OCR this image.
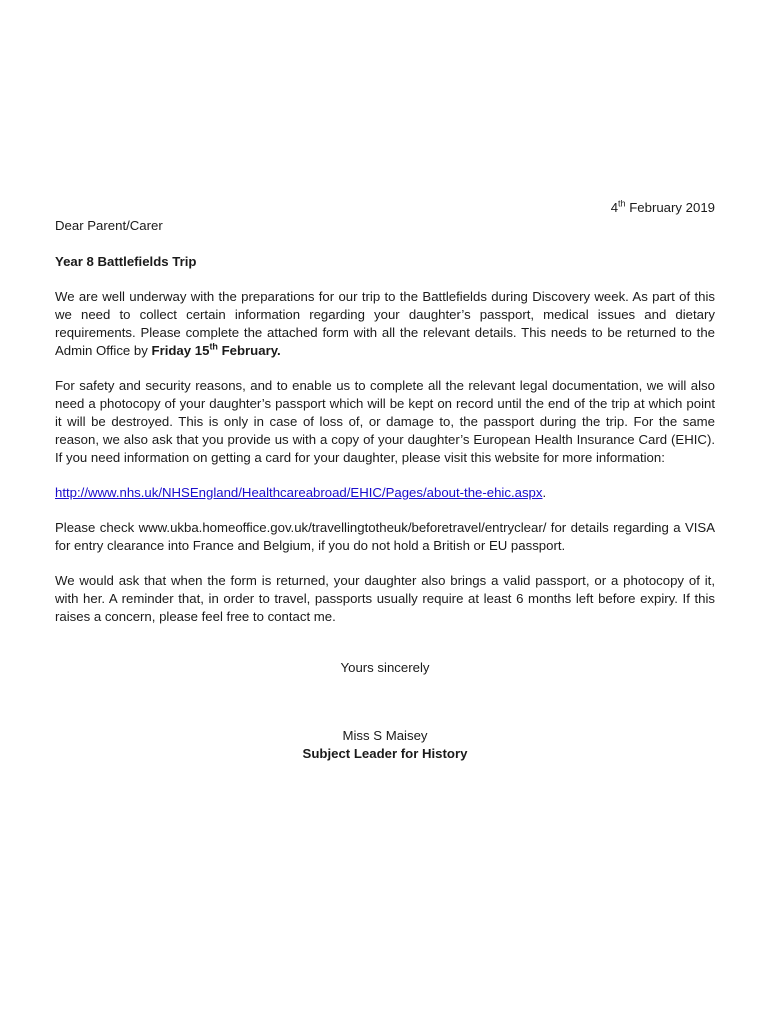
4th February 2019
Dear Parent/Carer
Year 8 Battlefields Trip

We are well underway with the preparations for our trip to the Battlefields during Discovery week. As part of this we need to collect certain information regarding your daughter’s passport, medical issues and dietary requirements. Please complete the attached form with all the relevant details. This needs to be returned to the Admin Office by Friday 15th February.

For safety and security reasons, and to enable us to complete all the relevant legal documentation, we will also need a photocopy of your daughter’s passport which will be kept on record until the end of the trip at which point it will be destroyed. This is only in case of loss of, or damage to, the passport during the trip. For the same reason, we also ask that you provide us with a copy of your daughter’s European Health Insurance Card (EHIC). If you need information on getting a card for your daughter, please visit this website for more information:

http://www.nhs.uk/NHSEngland/Healthcareabroad/EHIC/Pages/about-the-ehic.aspx.

Please check www.ukba.homeoffice.gov.uk/travellingtotheuk/beforetravel/entryclear/ for details regarding a VISA for entry clearance into France and Belgium, if you do not hold a British or EU passport.

We would ask that when the form is returned, your daughter also brings a valid passport, or a photocopy of it, with her. A reminder that, in order to travel, passports usually require at least 6 months left before expiry. If this raises a concern, please feel free to contact me.

Yours sincerely
Miss S Maisey
Subject Leader for History
